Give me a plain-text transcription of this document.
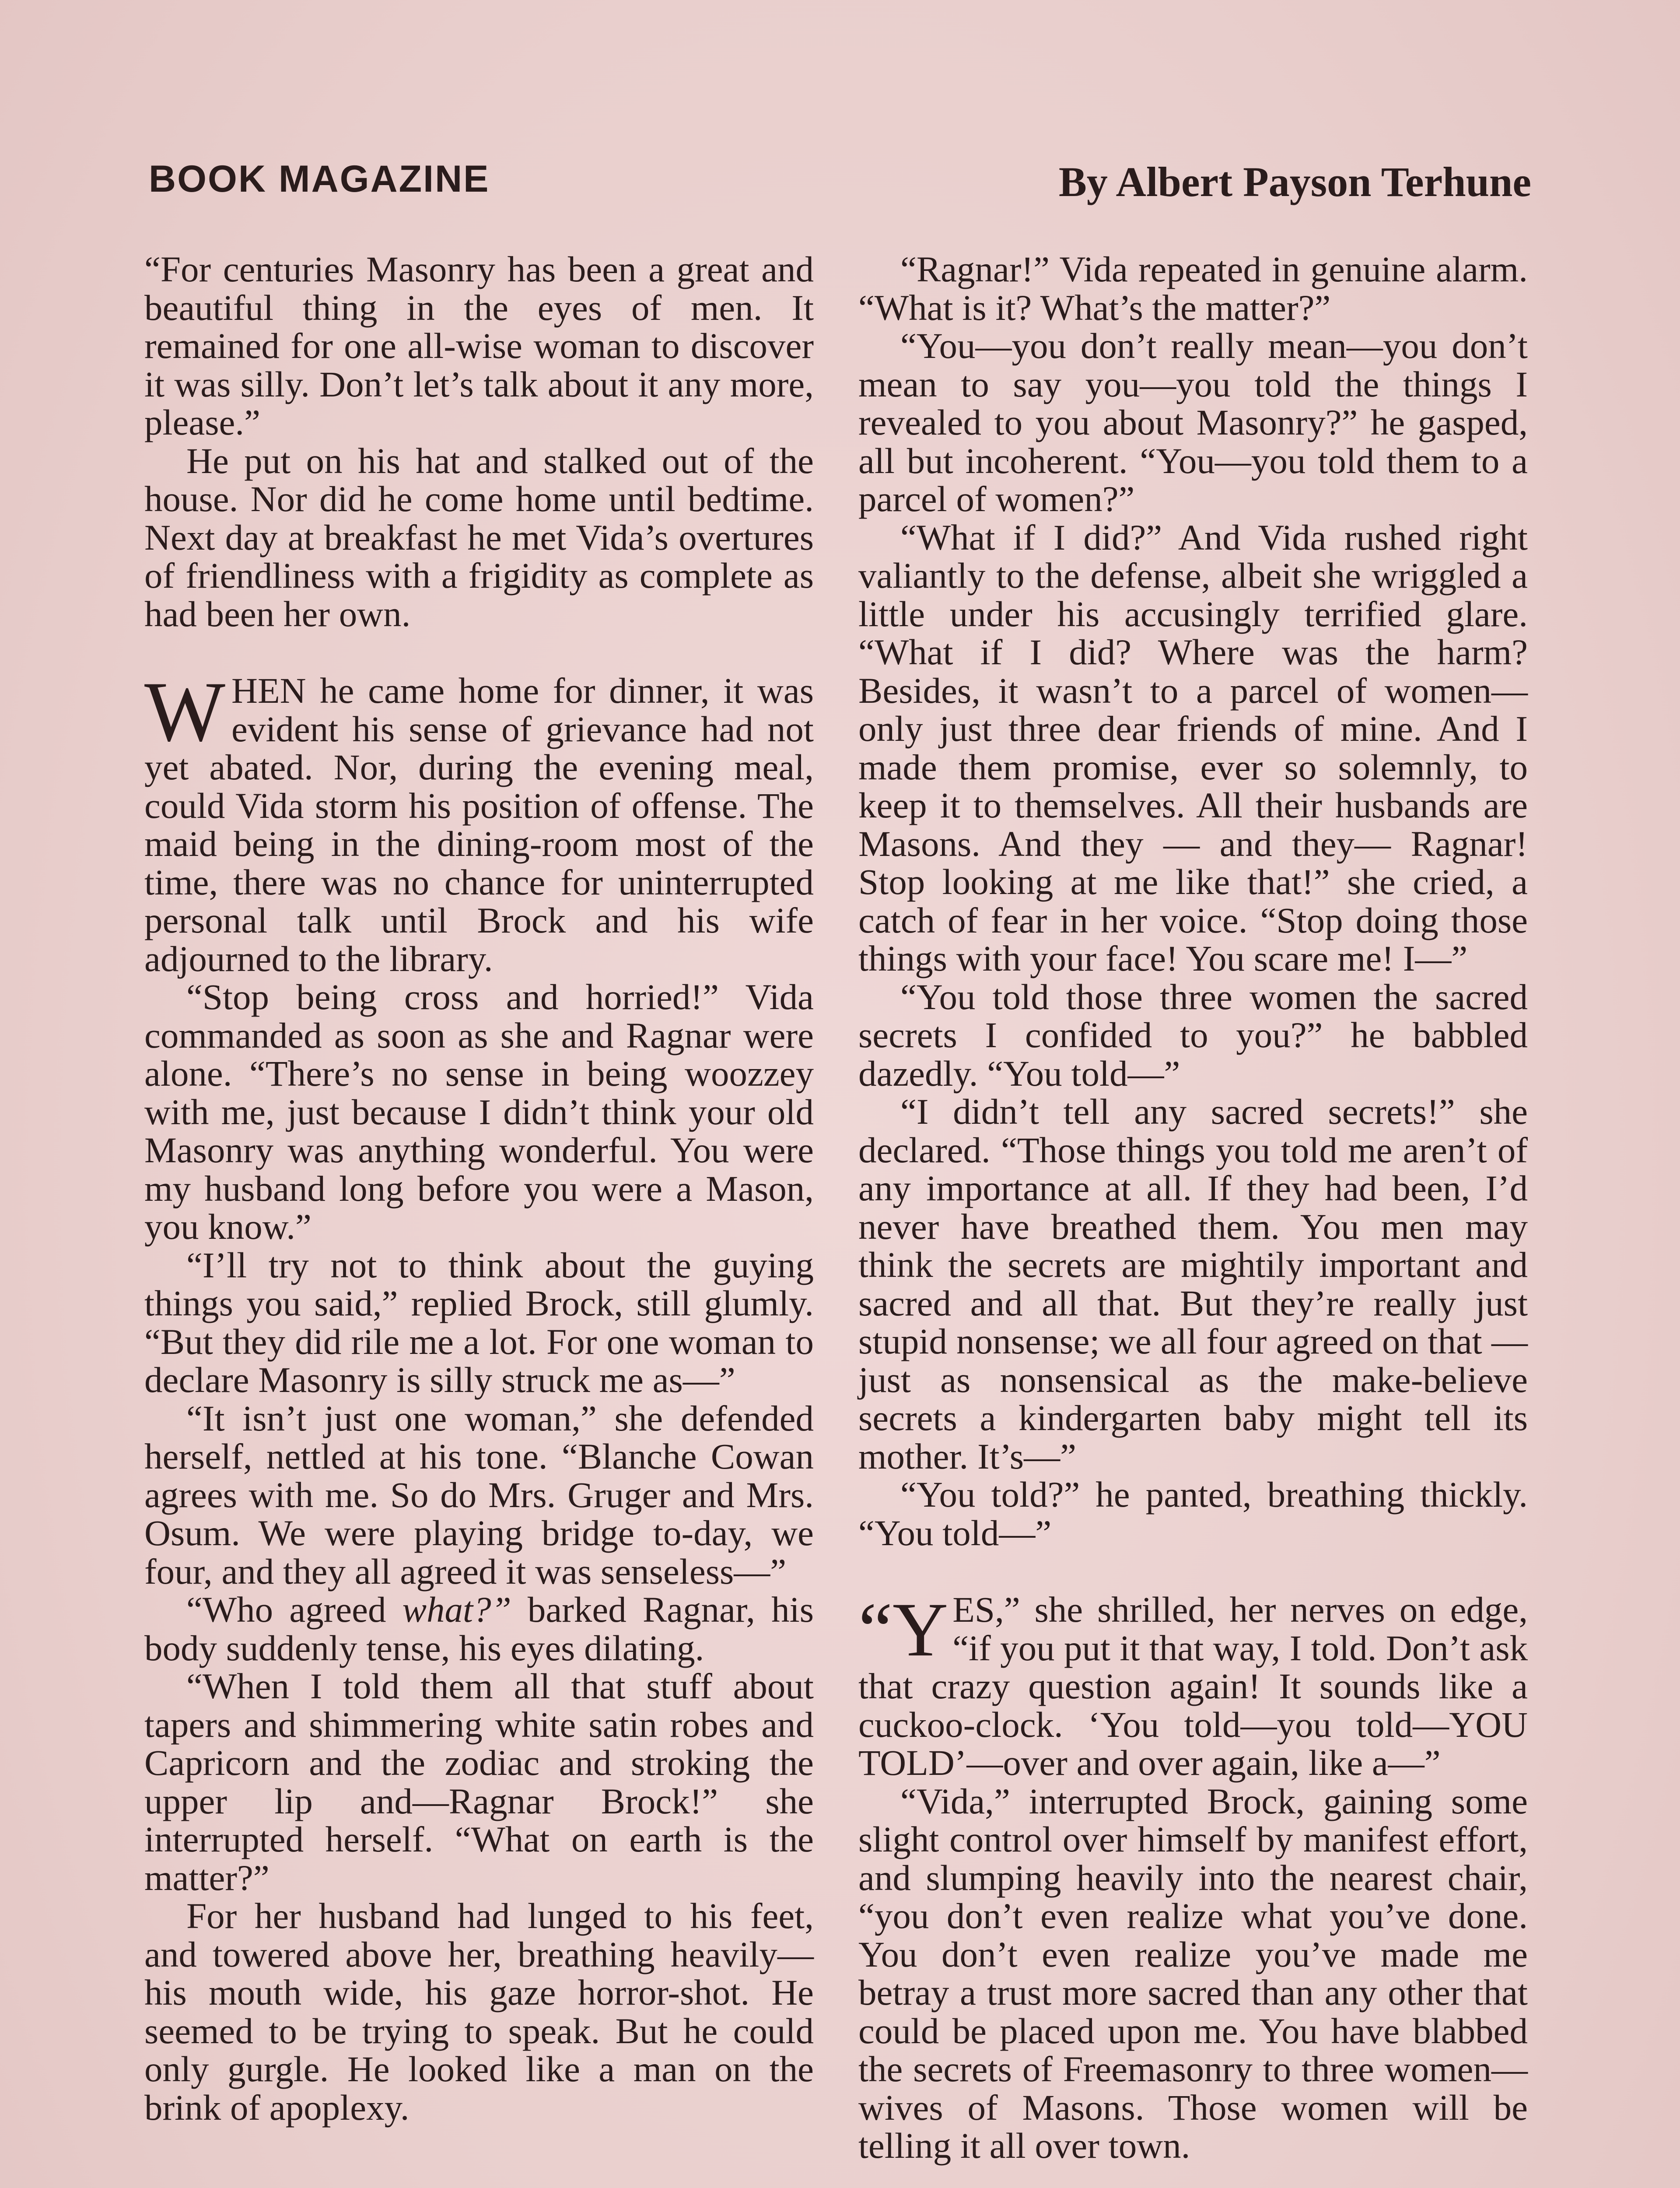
BOOK MAGAZINE	By Albert Payson Terhune

“For centuries Masonry has been a great and beautiful thing in the eyes of men. It remained for one all-wise woman to discover it was silly. Don’t let’s talk about it any more, please.”

He put on his hat and stalked out of the house. Nor did he come home until bedtime. Next day at breakfast he met Vida’s overtures of friendliness with a frigidity as complete as had been her own.

WHEN he came home for dinner, it was evident his sense of grievance had not yet abated. Nor, during the evening meal, could Vida storm his position of offense. The maid being in the dining-room most of the time, there was no chance for uninterrupted personal talk until Brock and his wife adjourned to the library.

“Stop being cross and horried!” Vida commanded as soon as she and Ragnar were alone. “There’s no sense in being woozzey with me, just because I didn’t think your old Masonry was anything wonderful. You were my husband long before you were a Mason, you know.”

“I’ll try not to think about the guying things you said,” replied Brock, still glumly. “But they did rile me a lot. For one woman to declare Masonry is silly struck me as—”

“It isn’t just one woman,” she defended herself, nettled at his tone. “Blanche Cowan agrees with me. So do Mrs. Gruger and Mrs. Osum. We were playing bridge to-day, we four, and they all agreed it was senseless—”

“Who agreed what?” barked Ragnar, his body suddenly tense, his eyes dilating.

“When I told them all that stuff about tapers and shimmering white satin robes and Capricorn and the zodiac and stroking the upper lip and—Ragnar Brock!” she interrupted herself. “What on earth is the matter?”

For her husband had lunged to his feet, and towered above her, breathing heavily—his mouth wide, his gaze horror-shot. He seemed to be trying to speak. But he could only gurgle. He looked like a man on the brink of apoplexy.

“Ragnar!” Vida repeated in genuine alarm. “What is it? What’s the matter?”

“You—you don’t really mean—you don’t mean to say you—you told the things I revealed to you about Masonry?” he gasped, all but incoherent. “You—you told them to a parcel of women?”

“What if I did?” And Vida rushed right valiantly to the defense, albeit she wriggled a little under his accusingly terrified glare. “What if I did? Where was the harm? Besides, it wasn’t to a parcel of women—only just three dear friends of mine. And I made them promise, ever so solemnly, to keep it to themselves. All their husbands are Masons. And they — and they— Ragnar! Stop looking at me like that!” she cried, a catch of fear in her voice. “Stop doing those things with your face! You scare me! I—”

“You told those three women the sacred secrets I confided to you?” he babbled dazedly. “You told—”

“I didn’t tell any sacred secrets!” she declared. “Those things you told me aren’t of any importance at all. If they had been, I’d never have breathed them. You men may think the secrets are mightily important and sacred and all that. But they’re really just stupid nonsense; we all four agreed on that —just as nonsensical as the make-believe secrets a kindergarten baby might tell its mother. It’s—”

“You told?” he panted, breathing thickly. “You told—”

“YES,” she shrilled, her nerves on edge, “if you put it that way, I told. Don’t ask that crazy question again! It sounds like a cuckoo-clock. ‘You told—you told—YOU TOLD’—over and over again, like a—”

“Vida,” interrupted Brock, gaining some slight control over himself by manifest effort, and slumping heavily into the nearest chair, “you don’t even realize what you’ve done. You don’t even realize you’ve made me betray a trust more sacred than any other that could be placed upon me. You have blabbed the secrets of Freemasonry to three women—wives of Masons. Those women will be telling it all over town.
